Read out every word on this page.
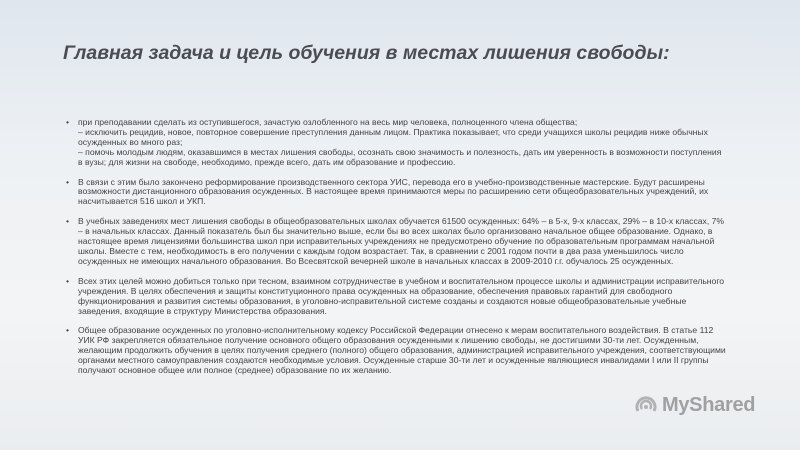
Главная задача и цель обучения в местах лишения свободы:
• при преподавании сделать из оступившегося, зачастую озлобленного на весь мир человека, полноценного члена общества;
– исключить рецидив, новое, повторное совершение преступления данным лицом. Практика показывает, что среди учащихся школы рецидив ниже обычных осужденных во много раз;
– помочь молодым людям, оказавшимся в местах лишения свободы, осознать свою значимость и полезность, дать им уверенность в возможности поступления в вузы; для жизни на свободе, необходимо, прежде всего, дать им образование и профессию.
• В связи с этим было закончено реформирование производственного сектора УИС, перевода его в учебно-производственные мастерские. Будут расширены возможности дистанционного образования осужденных. В настоящее время принимаются меры по расширению сети общеобразовательных учреждений, их насчитывается 516 школ и УКП.
• В учебных заведениях мест лишения свободы в общеобразовательных школах обучается 61500 осужденных: 64% – в 5-х, 9-х классах, 29% – в 10-х классах, 7% – в начальных классах. Данный показатель был бы значительно выше, если бы во всех школах было организовано начальное общее образование. Однако, в настоящее время лицензиями большинства школ при исправительных учреждениях не предусмотрено обучение по образовательным программам начальной школы. Вместе с тем, необходимость в его получении с каждым годом возрастает. Так, в сравнении с 2001 годом почти в два раза уменьшилось число осужденных не имеющих начального образования. Во Всесвятской вечерней школе в начальных классах в 2009-2010 г.г. обучалось 25 осужденных.
• Всех этих целей можно добиться только при тесном, взаимном сотрудничестве в учебном и воспитательном процессе школы и администрации исправительного учреждения. В целях обеспечения и защиты конституционного права осужденных на образование, обеспечения правовых гарантий для свободного функционирования и развития системы образования, в уголовно-исправительной системе созданы и создаются новые общеобразовательные учебные заведения, входящие в структуру Министерства образования.
• Общее образование осужденных по уголовно-исполнительному кодексу Российской Федерации отнесено к мерам воспитательного воздействия. В статье 112 УИК РФ закрепляется обязательное получение основного общего образования осужденными к лишению свободы, не достигшими 30-ти лет. Осужденным, желающим продолжить обучения в целях получения среднего (полного) общего образования, администрацией исправительного учреждения, соответствующими органами местного самоуправления создаются необходимые условия. Осужденные старше 30-ти лет и осужденные являющиеся инвалидами I или II группы получают основное общее или полное (среднее) образование по их желанию.
MyShared
